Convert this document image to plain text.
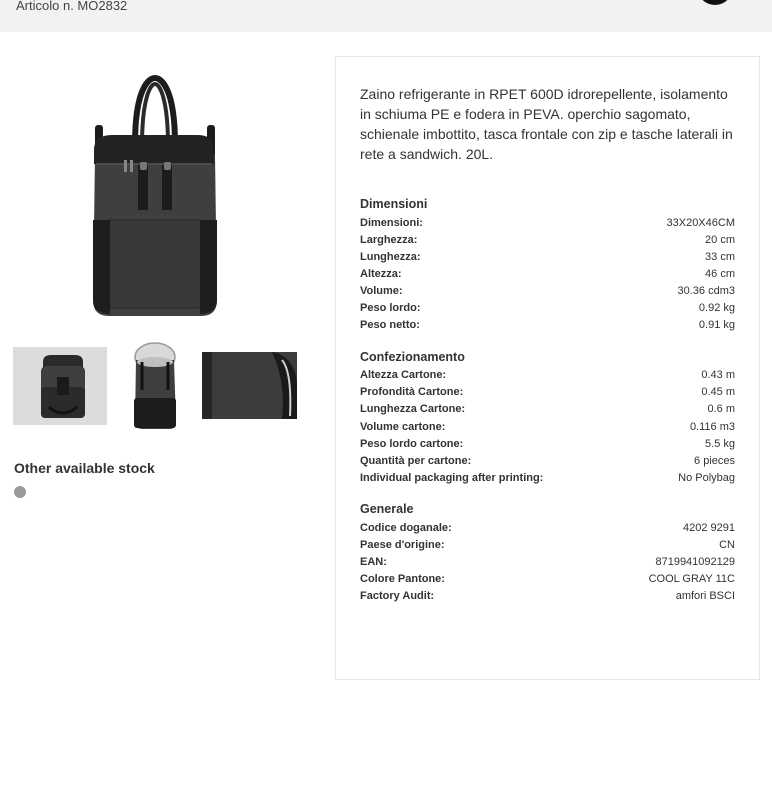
Articolo n. MO2832
Other available stock
Zaino refrigerante in RPET 600D idrorepellente, isolamento in schiuma PE e fodera in PEVA. operchio sagomato, schienale imbottito, tasca frontale con zip e tasche laterali in rete a sandwich. 20L.
Dimensioni
Dimensioni:	33X20X46CM
Larghezza:	20 cm
Lunghezza:	33 cm
Altezza:	46 cm
Volume:	30.36 cdm3
Peso lordo:	0.92 kg
Peso netto:	0.91 kg
Confezionamento
Altezza Cartone:	0.43 m
Profondità Cartone:	0.45 m
Lunghezza Cartone:	0.6 m
Volume cartone:	0.116 m3
Peso lordo cartone:	5.5 kg
Quantità per cartone:	6 pieces
Individual packaging after printing:	No Polybag
Generale
Codice doganale:	4202 9291
Paese d'origine:	CN
EAN:	8719941092129
Colore Pantone:	COOL GRAY 11C
Factory Audit:	amfori BSCI
